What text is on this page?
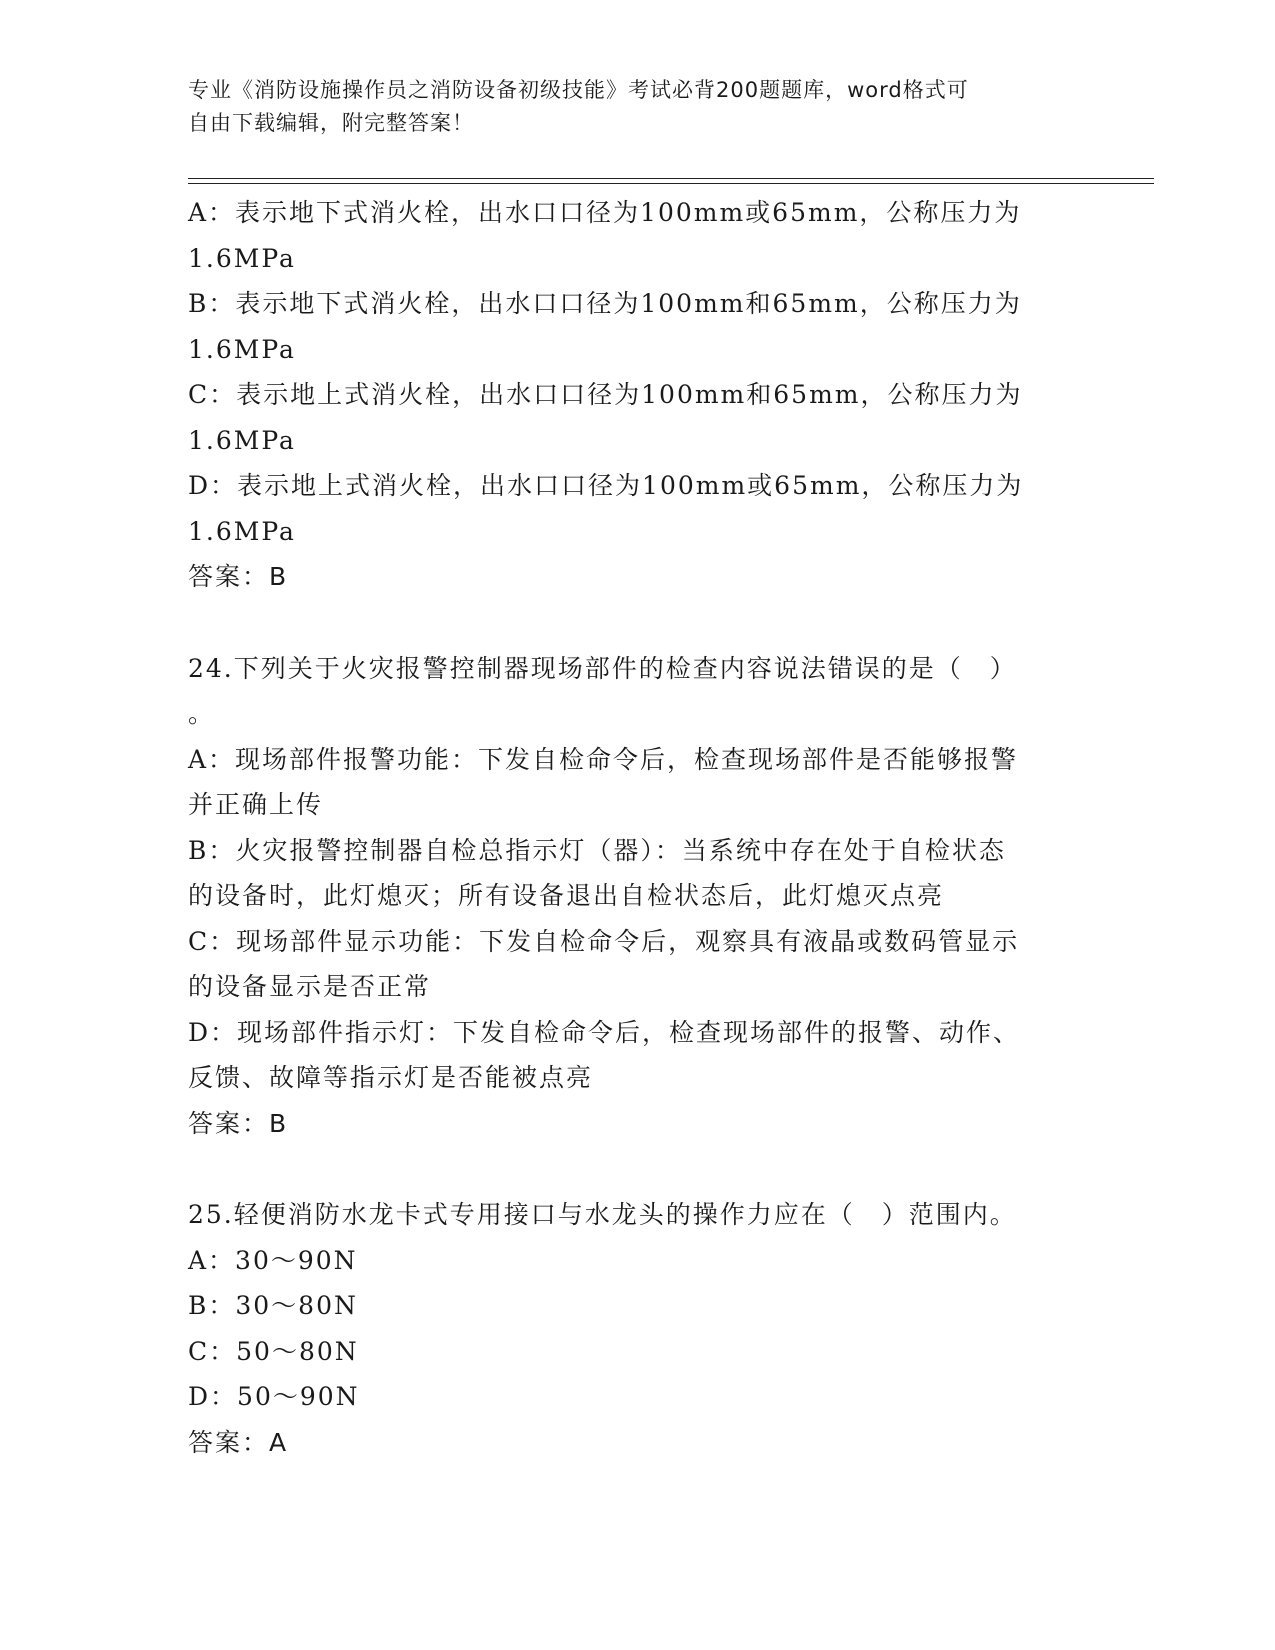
专业《消防设施操作员之消防设备初级技能》考试必背200题题库，word格式可
自由下载编辑，附完整答案！
A：表示地下式消火栓，出水口口径为100mm或65mm，公称压力为
1.6MPa
B：表示地下式消火栓，出水口口径为100mm和65mm，公称压力为
1.6MPa
C：表示地上式消火栓，出水口口径为100mm和65mm，公称压力为
1.6MPa
D：表示地上式消火栓，出水口口径为100mm或65mm，公称压力为
1.6MPa
答案：B
24.下列关于火灾报警控制器现场部件的检查内容说法错误的是（　）
。
A：现场部件报警功能：下发自检命令后，检查现场部件是否能够报警
并正确上传
B：火灾报警控制器自检总指示灯（器）：当系统中存在处于自检状态
的设备时，此灯熄灭；所有设备退出自检状态后，此灯熄灭点亮
C：现场部件显示功能：下发自检命令后，观察具有液晶或数码管显示
的设备显示是否正常
D：现场部件指示灯：下发自检命令后，检查现场部件的报警、动作、
反馈、故障等指示灯是否能被点亮
答案：B
25.轻便消防水龙卡式专用接口与水龙头的操作力应在（　）范围内。
A：30～90N
B：30～80N
C：50～80N
D：50～90N
答案：A
